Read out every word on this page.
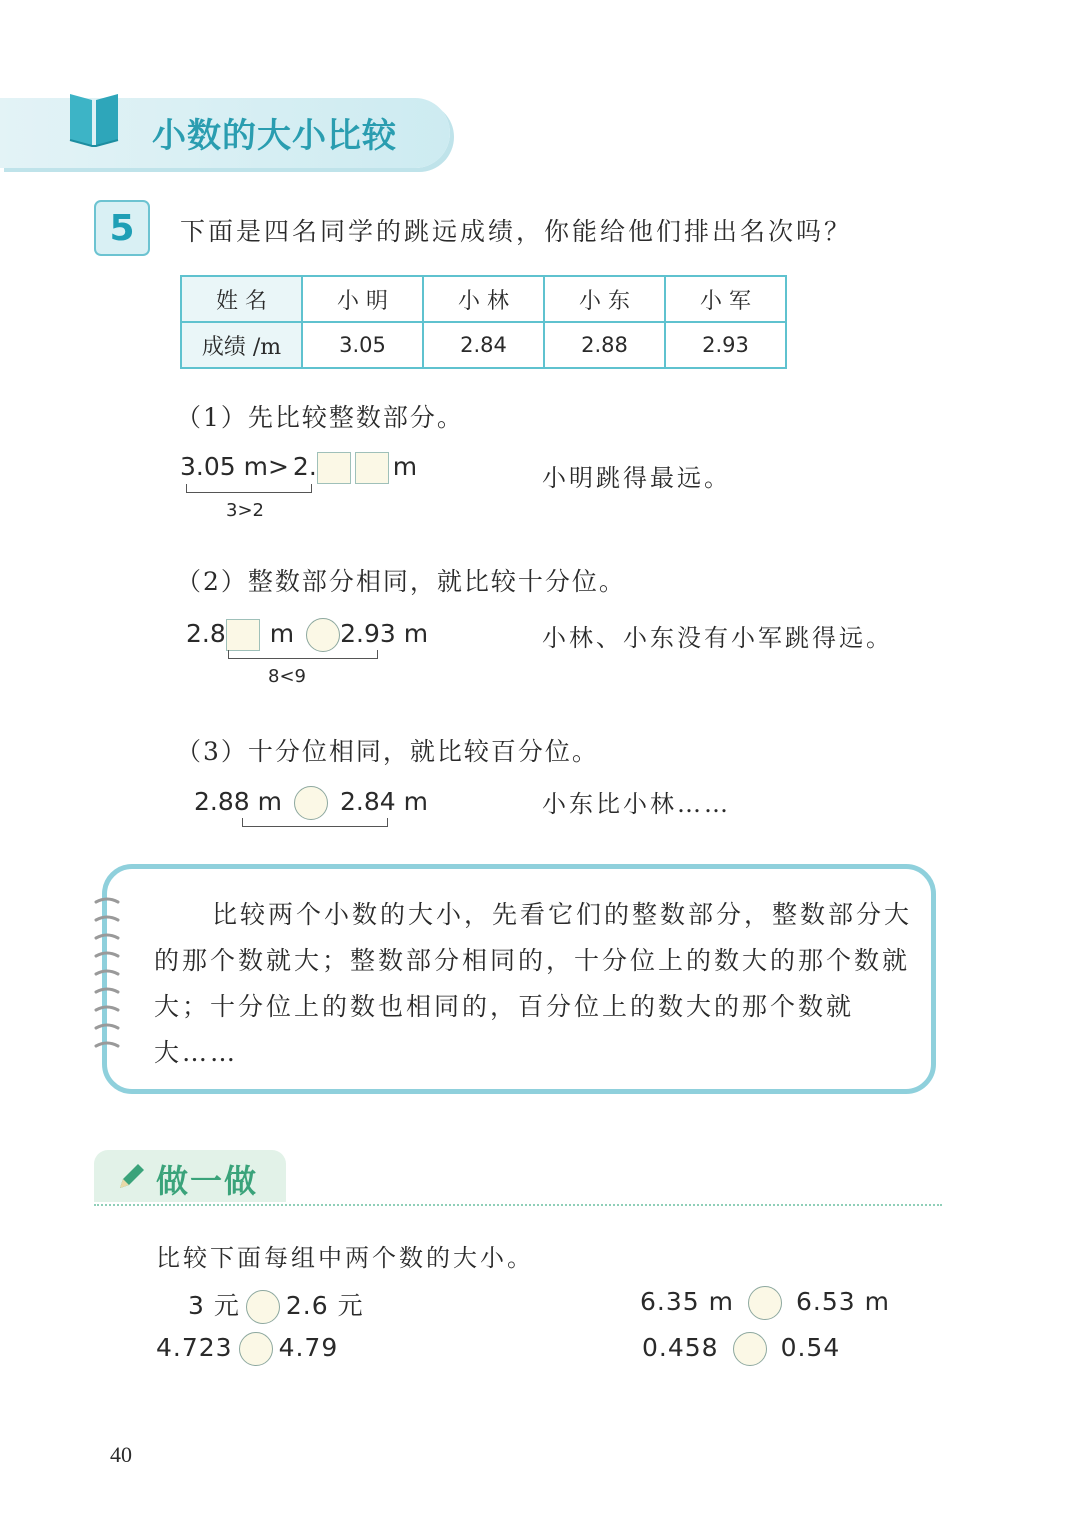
小数的大小比较
5	下面是四名同学的跳远成绩，你能给他们排出名次吗？
姓 名	小 明	小 林	小 东	小 军
成绩 /m	3.05	2.84	2.88	2.93
（1）先比较整数部分。
3.05 m> 2.	m
3>2
小明跳得最远。
（2）整数部分相同，就比较十分位。
2.8 m 2.93 m
8<9
小林、小东没有小军跳得远。
（3）十分位相同，就比较百分位。
2.88 m 2.84 m	小东比小林……
比较两个小数的大小，先看它们的整数部分，整数部分大的那个数就大；整数部分相同的，十分位上的数大的那个数就大；十分位上的数也相同的，百分位上的数大的那个数就大……
做一做
比较下面每组中两个数的大小。
3 元 2.6 元	6.35 m 6.53 m
4.723 4.79	0.458 0.54
40
